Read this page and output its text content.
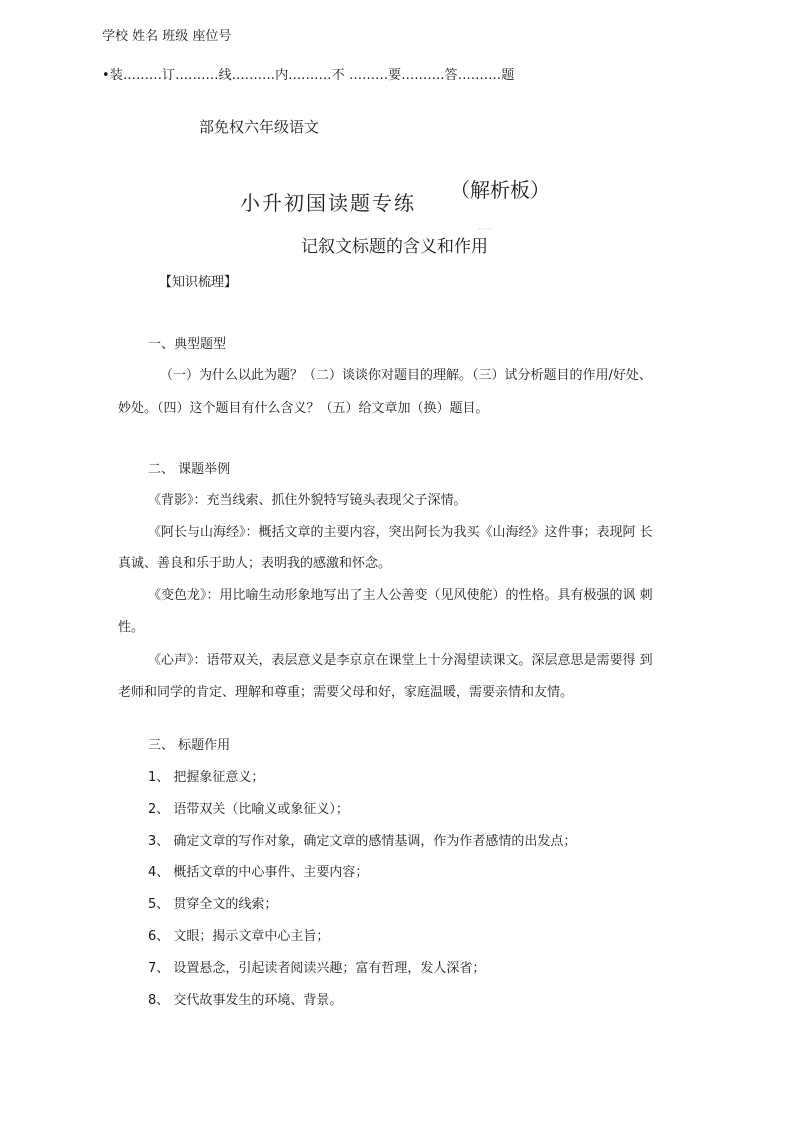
学校 姓名 班级 座位号
•装.........订..........线..........内..........不 .........要..........答..........题
部免权六年级语文
小升初国读题专练
（解析板）
·····
记叙文标题的含义和作用
【知识梳理】
一、典型题型
（一）为什么以此为题？（二）谈谈你对题目的理解。（三）试分析题目的作用/好处、
妙处。（四）这个题目有什么含义？（五）给文章加（换）题目。
二、 课题举例
《背影》：充当线索、抓住外貌特写镜头表现父子深情。
《阿长与山海经》：概括文章的主要内容，突出阿长为我买《山海经》这件事；表现阿 长
真诚、善良和乐于助人；表明我的感激和怀念。
《变色龙》：用比喻生动形象地写出了主人公善变（见风使舵）的性格。具有极强的讽 刺
性。
《心声》：语带双关，表层意义是李京京在课堂上十分渴望读课文。深层意思是需要得 到
老师和同学的肯定、理解和尊重；需要父母和好，家庭温暖，需要亲情和友情。
三、 标题作用
1、 把握象征意义；
2、 语带双关（比喻义或象征义）；
3、 确定文章的写作对象，确定文章的感情基调，作为作者感情的出发点；
4、 概括文章的中心事件、主要内容；
5、 贯穿全文的线索；
6、 文眼；揭示文章中心主旨；
7、 设置悬念，引起读者阅读兴趣；富有哲理，发人深省；
8、 交代故事发生的环境、背景。
